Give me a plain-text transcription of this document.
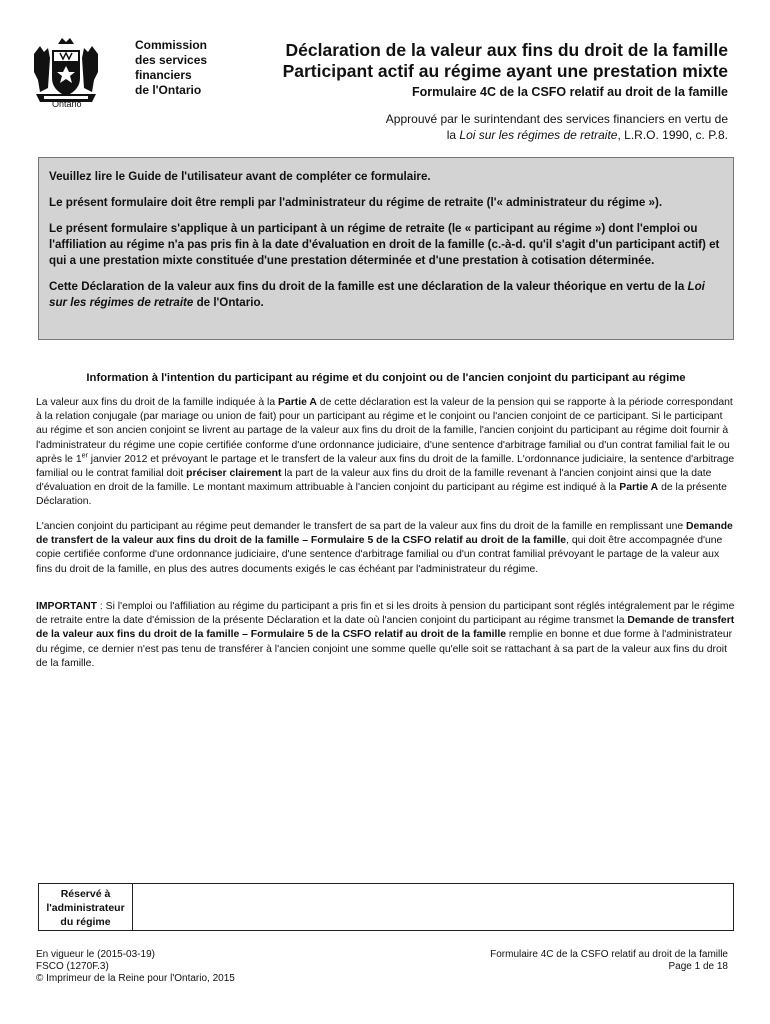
Ontario
Commission
des services
financiers
de l'Ontario
Déclaration de la valeur aux fins du droit de la famille
Participant actif au régime ayant une prestation mixte
Formulaire 4C de la CSFO relatif au droit de la famille
Approuvé par le surintendant des services financiers en vertu de
la Loi sur les régimes de retraite, L.R.O. 1990, c. P.8.

Veuillez lire le Guide de l'utilisateur avant de compléter ce formulaire.

Le présent formulaire doit être rempli par l'administrateur du régime de retraite (l'« administrateur du régime »).

Le présent formulaire s'applique à un participant à un régime de retraite (le « participant au régime ») dont l'emploi ou l'affiliation au régime n'a pas pris fin à la date d'évaluation en droit de la famille (c.-à-d. qu'il s'agit d'un participant actif) et qui a une prestation mixte constituée d'une prestation déterminée et d'une prestation à cotisation déterminée.

Cette Déclaration de la valeur aux fins du droit de la famille est une déclaration de la valeur théorique en vertu de la Loi sur les régimes de retraite de l'Ontario.

Information à l'intention du participant au régime et du conjoint ou de l'ancien conjoint du participant au régime
La valeur aux fins du droit de la famille indiquée à la Partie A de cette déclaration est la valeur de la pension qui se rapporte à la période correspondant à la relation conjugale (par mariage ou union de fait) pour un participant au régime et le conjoint ou l'ancien conjoint de ce participant. Si le participant au régime et son ancien conjoint se livrent au partage de la valeur aux fins du droit de la famille, l'ancien conjoint du participant au régime doit fournir à l'administrateur du régime une copie certifiée conforme d'une ordonnance judiciaire, d'une sentence d'arbitrage familial ou d'un contrat familial fait le ou après le 1er janvier 2012 et prévoyant le partage et le transfert de la valeur aux fins du droit de la famille. L'ordonnance judiciaire, la sentence d'arbitrage familial ou le contrat familial doit préciser clairement la part de la valeur aux fins du droit de la famille revenant à l'ancien conjoint ainsi que la date d'évaluation en droit de la famille. Le montant maximum attribuable à l'ancien conjoint du participant au régime est indiqué à la Partie A de la présente Déclaration.
L'ancien conjoint du participant au régime peut demander le transfert de sa part de la valeur aux fins du droit de la famille en remplissant une Demande de transfert de la valeur aux fins du droit de la famille – Formulaire 5 de la CSFO relatif au droit de la famille, qui doit être accompagnée d'une copie certifiée conforme d'une ordonnance judiciaire, d'une sentence d'arbitrage familial ou d'un contrat familial prévoyant le partage de la valeur aux fins du droit de la famille, en plus des autres documents exigés le cas échéant par l'administrateur du régime.
IMPORTANT : Si l'emploi ou l'affiliation au régime du participant a pris fin et si les droits à pension du participant sont réglés intégralement par le régime de retraite entre la date d'émission de la présente Déclaration et la date où l'ancien conjoint du participant au régime transmet la Demande de transfert de la valeur aux fins du droit de la famille – Formulaire 5 de la CSFO relatif au droit de la famille remplie en bonne et due forme à l'administrateur du régime, ce dernier n'est pas tenu de transférer à l'ancien conjoint une somme quelle qu'elle soit se rattachant à sa part de la valeur aux fins du droit de la famille.
Réservé à
l'administrateur
du régime
En vigueur le (2015-03-19)
FSCO (1270F.3)
© Imprimeur de la Reine pour l'Ontario, 2015
Formulaire 4C de la CSFO relatif au droit de la famille
Page 1 de 18
